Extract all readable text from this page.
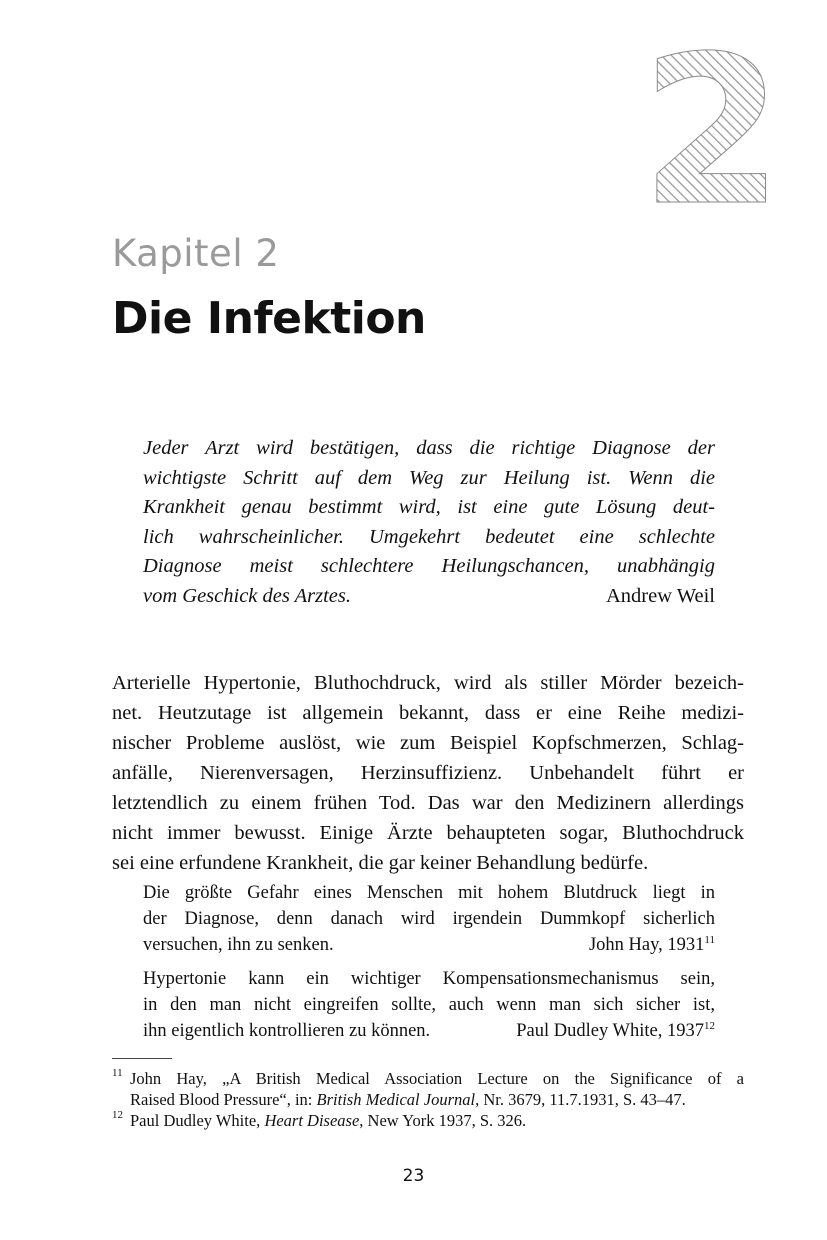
2
Kapitel 2
Die Infektion
Jeder Arzt wird bestätigen, dass die richtige Diagnose der
wichtigste Schritt auf dem Weg zur Heilung ist. Wenn die
Krankheit genau bestimmt wird, ist eine gute Lösung deut-
lich wahrscheinlicher. Umgekehrt bedeutet eine schlechte
Diagnose meist schlechtere Heilungschancen, unabhängig
vom Geschick des Arztes.	Andrew Weil
Arterielle Hypertonie, Bluthochdruck, wird als stiller Mörder bezeich-
net. Heutzutage ist allgemein bekannt, dass er eine Reihe medizi-
nischer Probleme auslöst, wie zum Beispiel Kopfschmerzen, Schlag-
anfälle, Nierenversagen, Herzinsuffizienz. Unbehandelt führt er
letztendlich zu einem frühen Tod. Das war den Medizinern allerdings
nicht immer bewusst. Einige Ärzte behaupteten sogar, Bluthochdruck
sei eine erfundene Krankheit, die gar keiner Behandlung bedürfe.
Die größte Gefahr eines Menschen mit hohem Blutdruck liegt in
der Diagnose, denn danach wird irgendein Dummkopf sicherlich
versuchen, ihn zu senken.	John Hay, 1931$^{11}$
Hypertonie kann ein wichtiger Kompensationsmechanismus sein,
in den man nicht eingreifen sollte, auch wenn man sich sicher ist,
ihn eigentlich kontrollieren zu können.	Paul Dudley White, 1937$^{12}$
11 John Hay, „A British Medical Association Lecture on the Significance of a
Raised Blood Pressure“, in: British Medical Journal, Nr. 3679, 11.7.1931, S. 43–47.
12 Paul Dudley White, Heart Disease, New York 1937, S. 326.
23
